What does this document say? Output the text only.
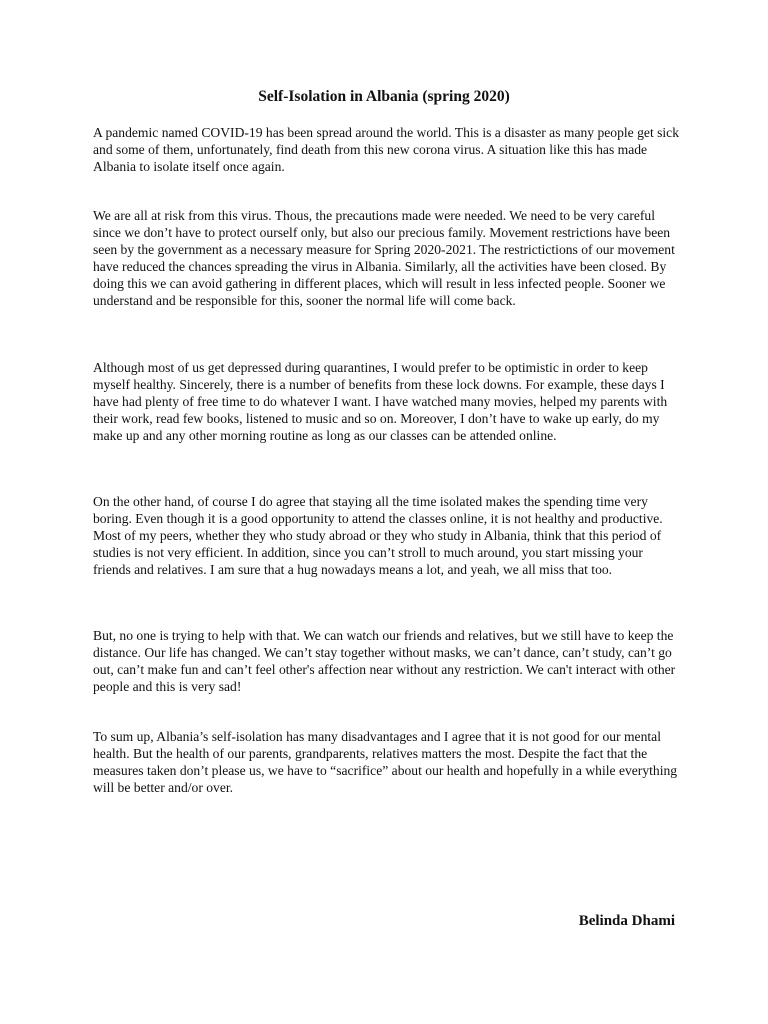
Self-Isolation in Albania (spring 2020)

A pandemic named COVID-19 has been spread around the world. This is a disaster as many people get sick and some of them, unfortunately, find death from this new corona virus. A situation like this has made Albania to isolate itself once again.

We are all at risk from this virus. Thous, the precautions made were needed. We need to be very careful since we don’t have to protect ourself only, but also our precious family. Movement restrictions have been seen by the government as a necessary measure for Spring 2020-2021. The restrictictions of our movement have reduced the chances spreading the virus in Albania. Similarly, all the activities have been closed. By doing this we can avoid gathering in different places, which will result in less infected people. Sooner we understand and be responsible for this, sooner the normal life will come back.

Although most of us get depressed during quarantines, I would prefer to be optimistic in order to keep myself healthy. Sincerely, there is a number of benefits from these lock downs. For example, these days I have had plenty of free time to do whatever I want. I have watched many movies, helped my parents with their work, read few books, listened to music and so on. Moreover, I don’t have to wake up early, do my make up and any other morning routine as long as our classes can be attended online.

On the other hand, of course I do agree that staying all the time isolated makes the spending time very boring. Even though it is a good opportunity to attend the classes online, it is not healthy and productive. Most of my peers, whether they who study abroad or they who study in Albania, think that this period of studies is not very efficient. In addition, since you can’t stroll to much around, you start missing your friends and relatives. I am sure that a hug nowadays means a lot, and yeah, we all miss that too.

But, no one is trying to help with that. We can watch our friends and relatives, but we still have to keep the distance. Our life has changed. We can’t stay together without masks, we can’t dance, can’t study, can’t go out, can’t make fun and can’t feel other's affection near without any restriction. We can't interact with other people and this is very sad!

To sum up, Albania’s self-isolation has many disadvantages and I agree that it is not good for our mental health. But the health of our parents, grandparents, relatives matters the most. Despite the fact that the measures taken don’t please us, we have to “sacrifice” about our health and hopefully in a while everything will be better and/or over.

Belinda Dhami
